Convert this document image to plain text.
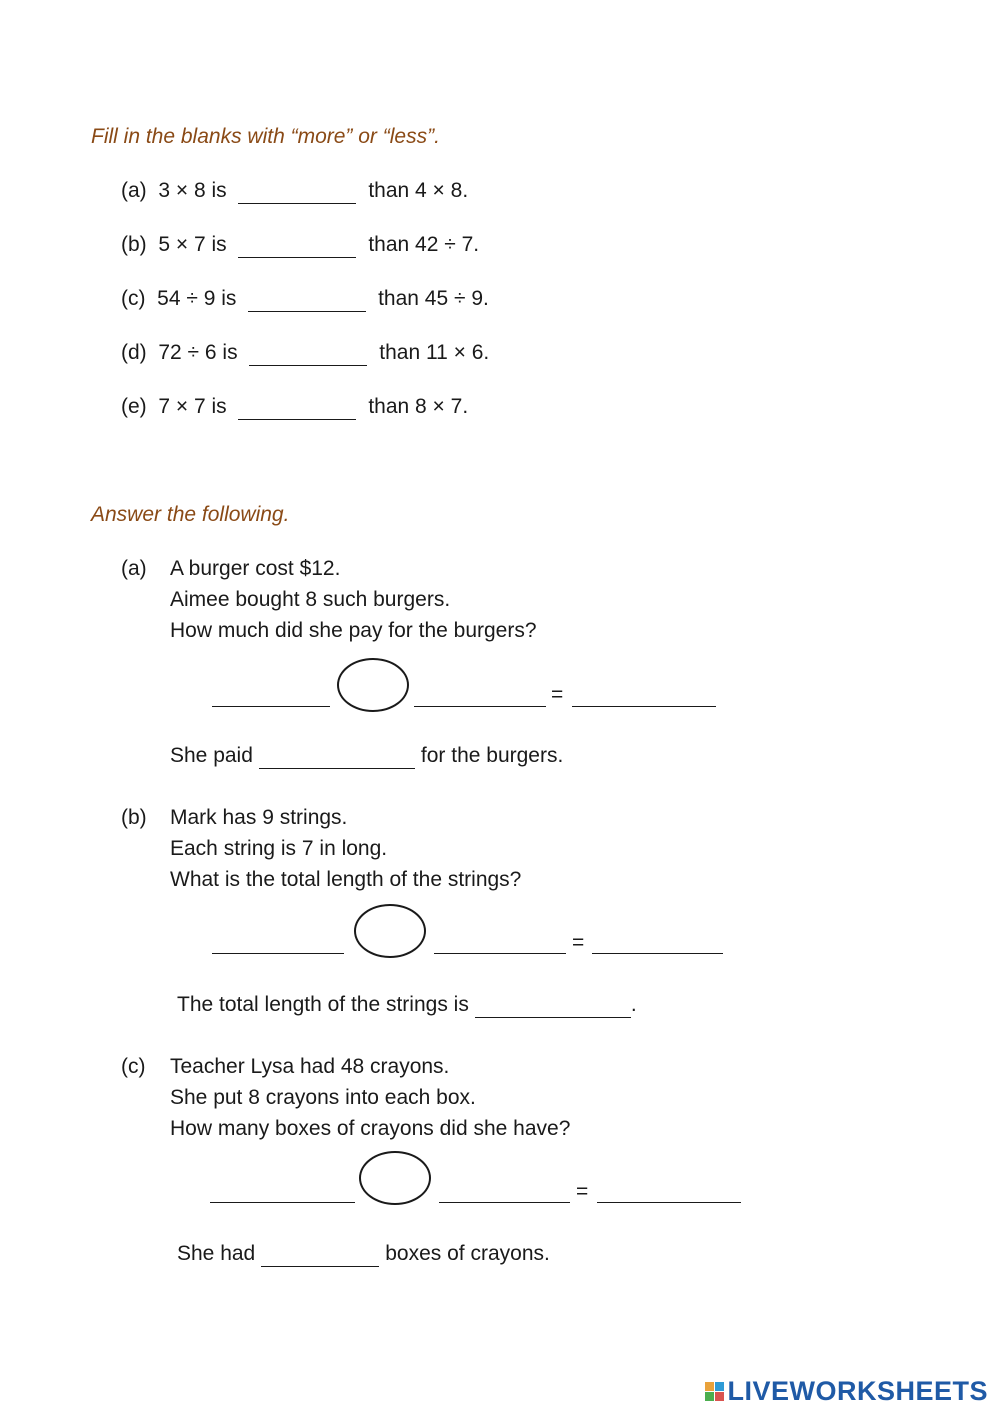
Fill in the blanks with “more” or “less”.
(a) 3 × 8 is	than 4 × 8.
(b) 5 × 7 is	than 42 ÷ 7.
(c) 54 ÷ 9 is	than 45 ÷ 9.
(d) 72 ÷ 6 is	than 11 × 6.
(e) 7 × 7 is	than 8 × 7.
Answer the following.
(a) A burger cost $12.
Aimee bought 8 such burgers.
How much did she pay for the burgers?
=
She paid	for the burgers.
(b) Mark has 9 strings.
Each string is 7 in long.
What is the total length of the strings?
=
The total length of the strings is	.
(c) Teacher Lysa had 48 crayons.
She put 8 crayons into each box.
How many boxes of crayons did she have?
=
She had	boxes of crayons.
LIVEWORKSHEETS
